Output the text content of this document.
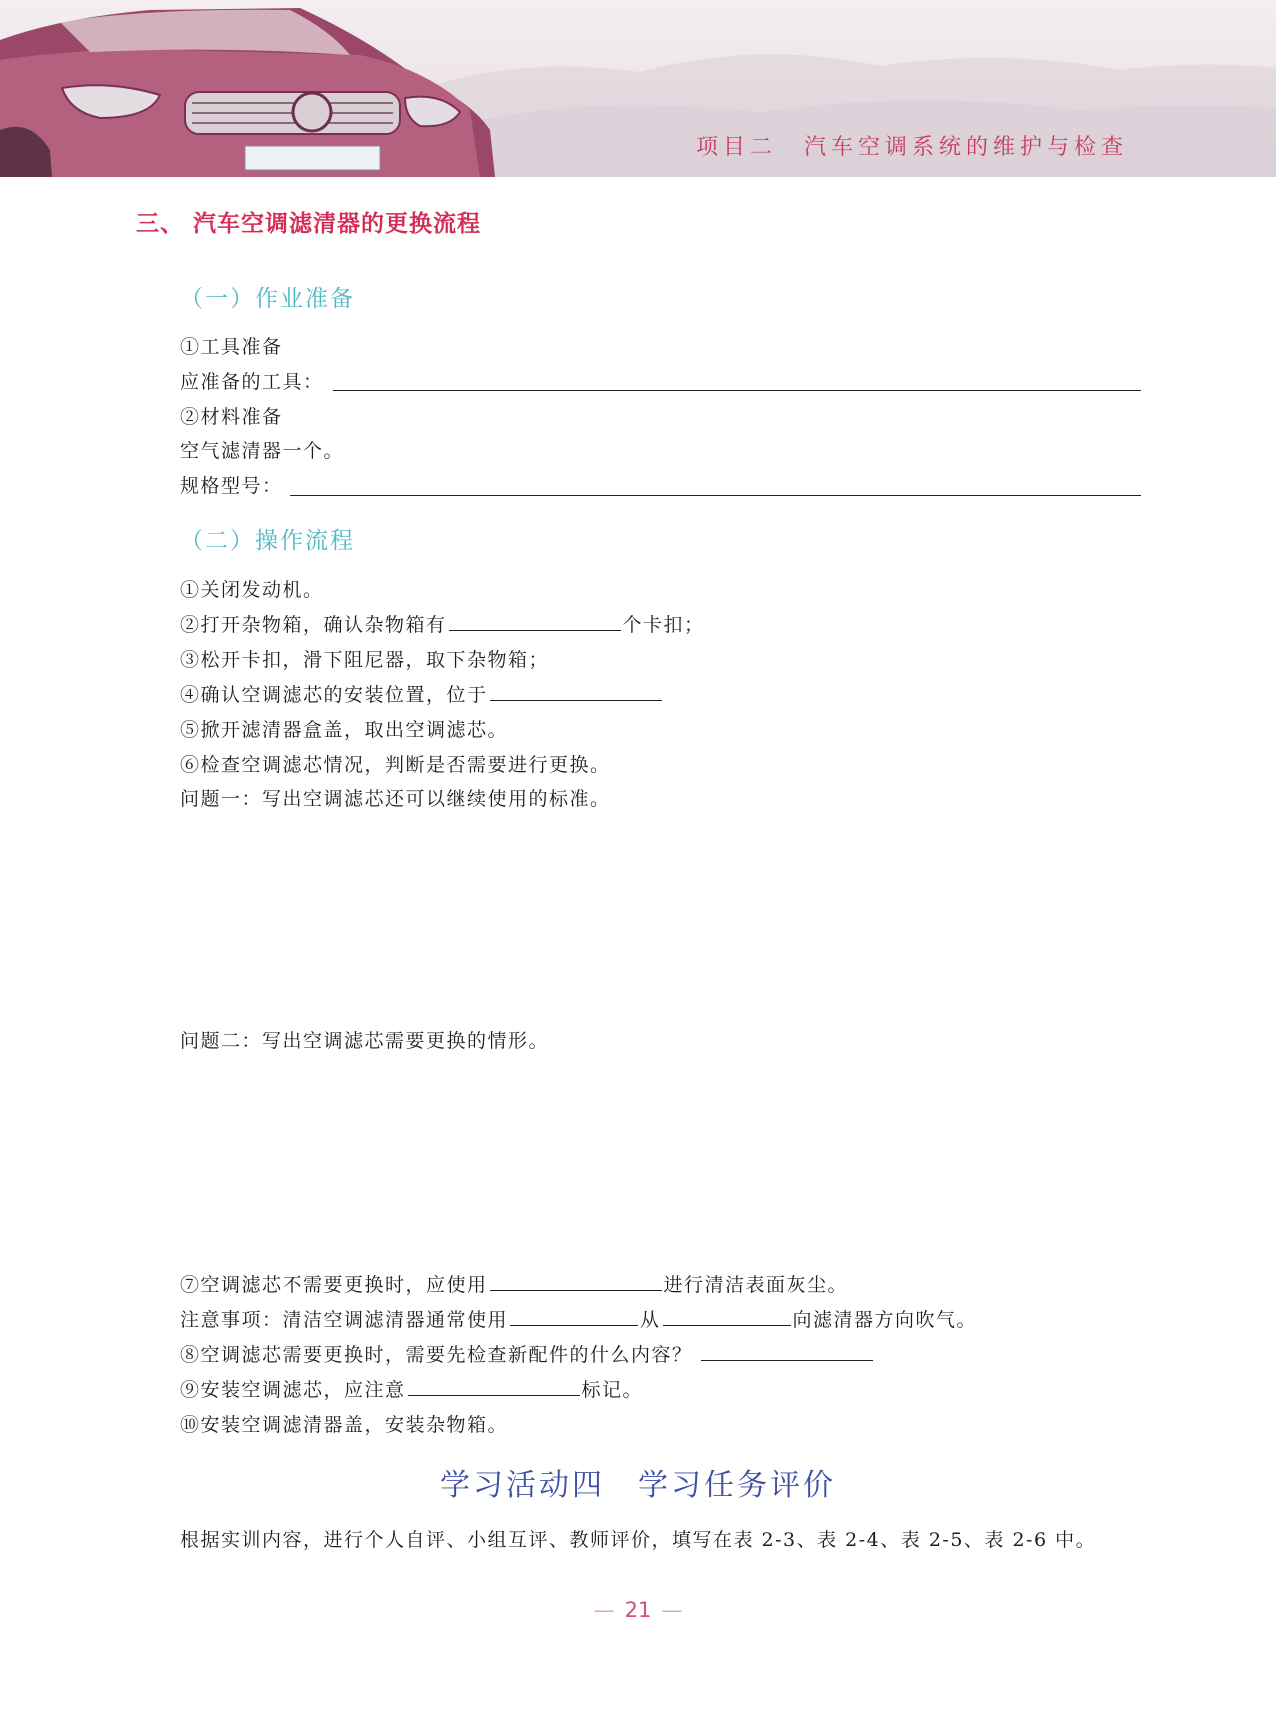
项目二　汽车空调系统的维护与检查
三、 汽车空调滤清器的更换流程
（一）作业准备
①工具准备
应准备的工具：
②材料准备
空气滤清器一个。
规格型号：
（二）操作流程
①关闭发动机。
②打开杂物箱，确认杂物箱有	个卡扣；
③松开卡扣，滑下阻尼器，取下杂物箱；
④确认空调滤芯的安装位置，位于
⑤掀开滤清器盒盖，取出空调滤芯。
⑥检查空调滤芯情况，判断是否需要进行更换。
问题一：写出空调滤芯还可以继续使用的标准。
问题二：写出空调滤芯需要更换的情形。
⑦空调滤芯不需要更换时，应使用	进行清洁表面灰尘。
注意事项：清洁空调滤清器通常使用	从	向滤清器方向吹气。
⑧空调滤芯需要更换时，需要先检查新配件的什么内容？
⑨安装空调滤芯，应注意	标记。
⑩安装空调滤清器盖，安装杂物箱。
学习活动四　学习任务评价
根据实训内容，进行个人自评、小组互评、教师评价，填写在表 2-3、表 2-4、表 2-5、表 2-6 中。
— 21 —
